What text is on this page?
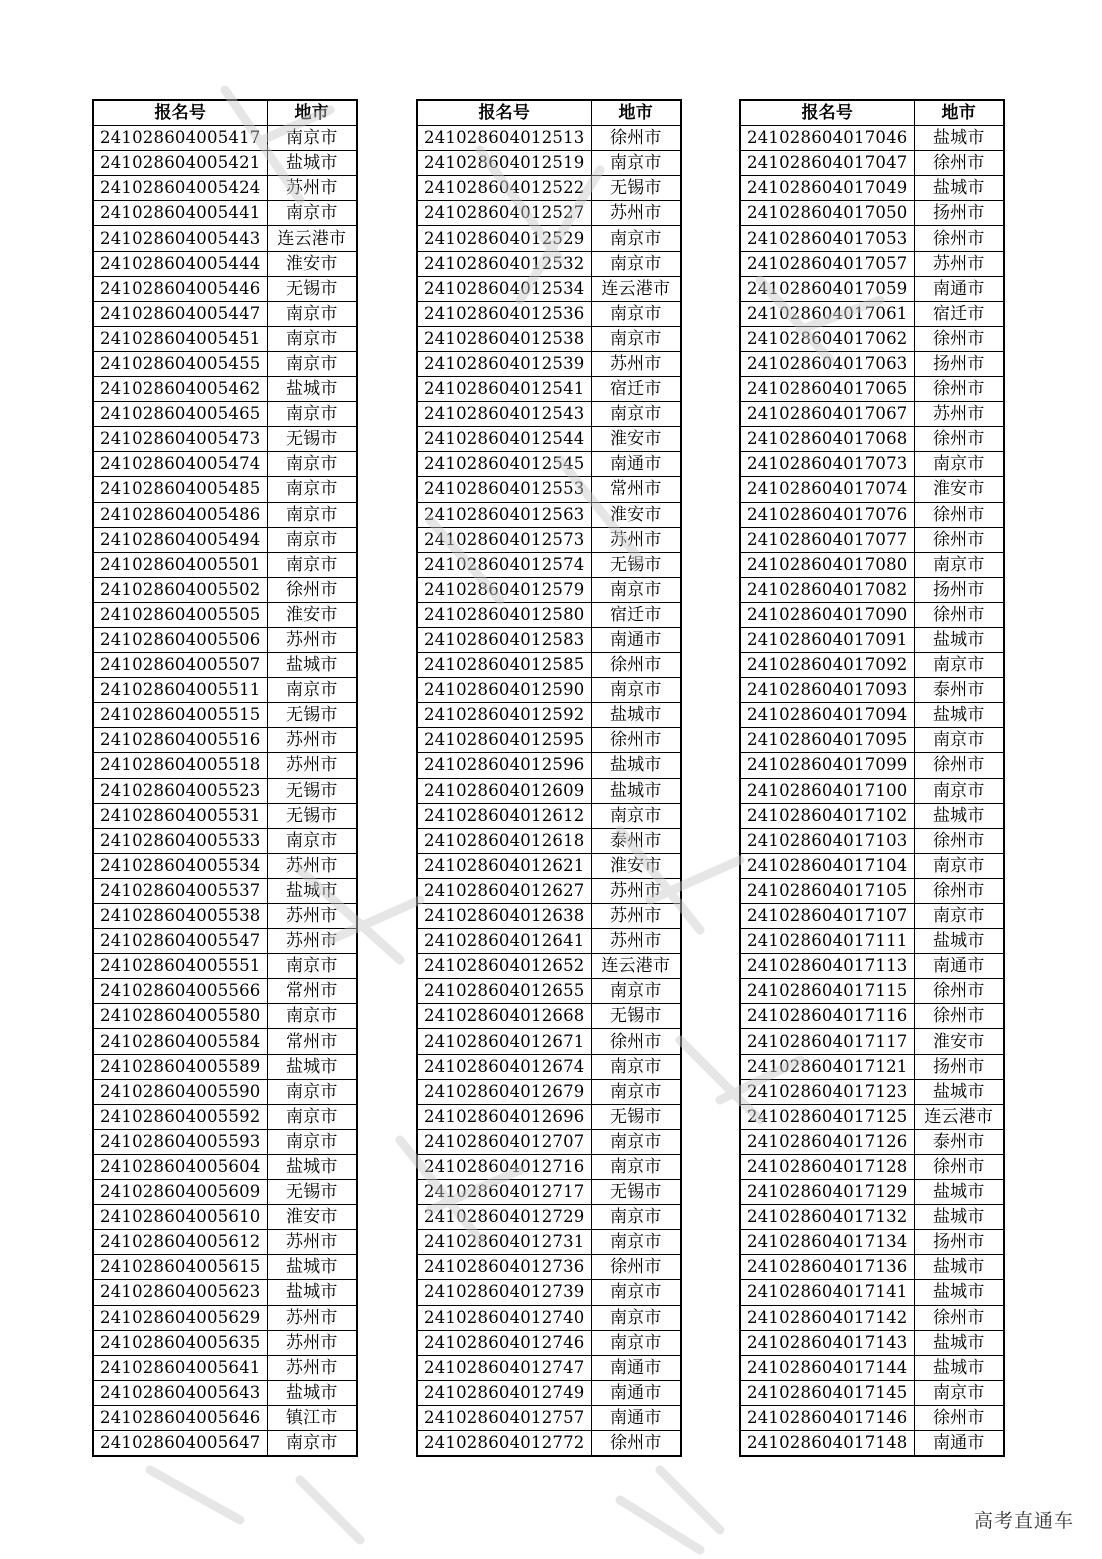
报名号	地市
241028604005417	南京市
241028604005421	盐城市
241028604005424	苏州市
241028604005441	南京市
241028604005443	连云港市
241028604005444	淮安市
241028604005446	无锡市
241028604005447	南京市
241028604005451	南京市
241028604005455	南京市
241028604005462	盐城市
241028604005465	南京市
241028604005473	无锡市
241028604005474	南京市
241028604005485	南京市
241028604005486	南京市
241028604005494	南京市
241028604005501	南京市
241028604005502	徐州市
241028604005505	淮安市
241028604005506	苏州市
241028604005507	盐城市
241028604005511	南京市
241028604005515	无锡市
241028604005516	苏州市
241028604005518	苏州市
241028604005523	无锡市
241028604005531	无锡市
241028604005533	南京市
241028604005534	苏州市
241028604005537	盐城市
241028604005538	苏州市
241028604005547	苏州市
241028604005551	南京市
241028604005566	常州市
241028604005580	南京市
241028604005584	常州市
241028604005589	盐城市
241028604005590	南京市
241028604005592	南京市
241028604005593	南京市
241028604005604	盐城市
241028604005609	无锡市
241028604005610	淮安市
241028604005612	苏州市
241028604005615	盐城市
241028604005623	盐城市
241028604005629	苏州市
241028604005635	苏州市
241028604005641	苏州市
241028604005643	盐城市
241028604005646	镇江市
241028604005647	南京市
报名号	地市
241028604012513	徐州市
241028604012519	南京市
241028604012522	无锡市
241028604012527	苏州市
241028604012529	南京市
241028604012532	南京市
241028604012534	连云港市
241028604012536	南京市
241028604012538	南京市
241028604012539	苏州市
241028604012541	宿迁市
241028604012543	南京市
241028604012544	淮安市
241028604012545	南通市
241028604012553	常州市
241028604012563	淮安市
241028604012573	苏州市
241028604012574	无锡市
241028604012579	南京市
241028604012580	宿迁市
241028604012583	南通市
241028604012585	徐州市
241028604012590	南京市
241028604012592	盐城市
241028604012595	徐州市
241028604012596	盐城市
241028604012609	盐城市
241028604012612	南京市
241028604012618	泰州市
241028604012621	淮安市
241028604012627	苏州市
241028604012638	苏州市
241028604012641	苏州市
241028604012652	连云港市
241028604012655	南京市
241028604012668	无锡市
241028604012671	徐州市
241028604012674	南京市
241028604012679	南京市
241028604012696	无锡市
241028604012707	南京市
241028604012716	南京市
241028604012717	无锡市
241028604012729	南京市
241028604012731	南京市
241028604012736	徐州市
241028604012739	南京市
241028604012740	南京市
241028604012746	南京市
241028604012747	南通市
241028604012749	南通市
241028604012757	南通市
241028604012772	徐州市
报名号	地市
241028604017046	盐城市
241028604017047	徐州市
241028604017049	盐城市
241028604017050	扬州市
241028604017053	徐州市
241028604017057	苏州市
241028604017059	南通市
241028604017061	宿迁市
241028604017062	徐州市
241028604017063	扬州市
241028604017065	徐州市
241028604017067	苏州市
241028604017068	徐州市
241028604017073	南京市
241028604017074	淮安市
241028604017076	徐州市
241028604017077	徐州市
241028604017080	南京市
241028604017082	扬州市
241028604017090	徐州市
241028604017091	盐城市
241028604017092	南京市
241028604017093	泰州市
241028604017094	盐城市
241028604017095	南京市
241028604017099	徐州市
241028604017100	南京市
241028604017102	盐城市
241028604017103	徐州市
241028604017104	南京市
241028604017105	徐州市
241028604017107	南京市
241028604017111	盐城市
241028604017113	南通市
241028604017115	徐州市
241028604017116	徐州市
241028604017117	淮安市
241028604017121	扬州市
241028604017123	盐城市
241028604017125	连云港市
241028604017126	泰州市
241028604017128	徐州市
241028604017129	盐城市
241028604017132	盐城市
241028604017134	扬州市
241028604017136	盐城市
241028604017141	盐城市
241028604017142	徐州市
241028604017143	盐城市
241028604017144	盐城市
241028604017145	南京市
241028604017146	徐州市
241028604017148	南通市
高考直通车
